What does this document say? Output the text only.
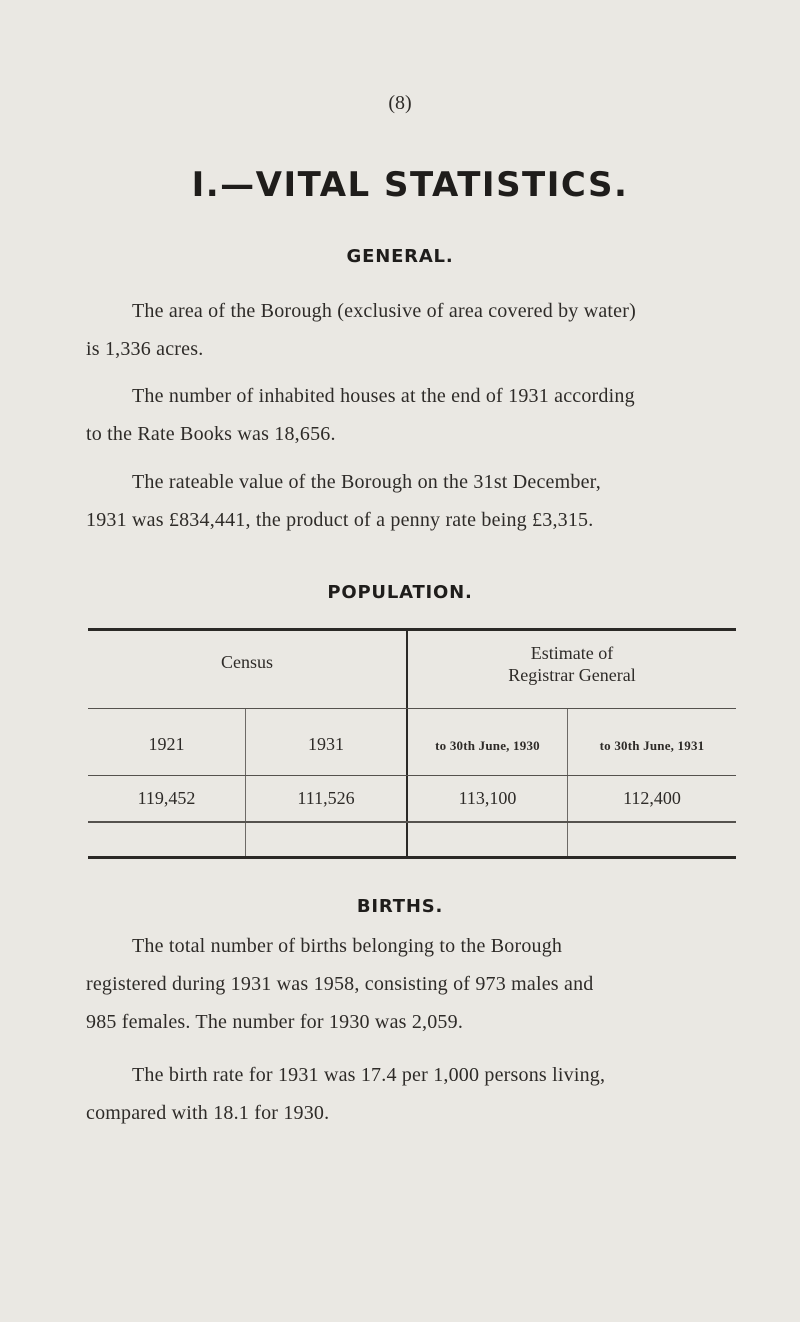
(8)
I.—VITAL STATISTICS.
GENERAL.

The area of the Borough (exclusive of area covered by water)
is 1,336 acres.

The number of inhabited houses at the end of 1931 according
to the Rate Books was 18,656.

The rateable value of the Borough on the 31st December,
1931 was £834,441, the product of a penny rate being £3,315.

POPULATION.
Census	Estimate of
Registrar General
1921	1931	to 30th June, 1930	to 30th June, 1931
119,452	111,526	113,100	112,400
BIRTHS.

The total number of births belonging to the Borough
registered during 1931 was 1958, consisting of 973 males and
985 females. The number for 1930 was 2,059.

The birth rate for 1931 was 17.4 per 1,000 persons living,
compared with 18.1 for 1930.
